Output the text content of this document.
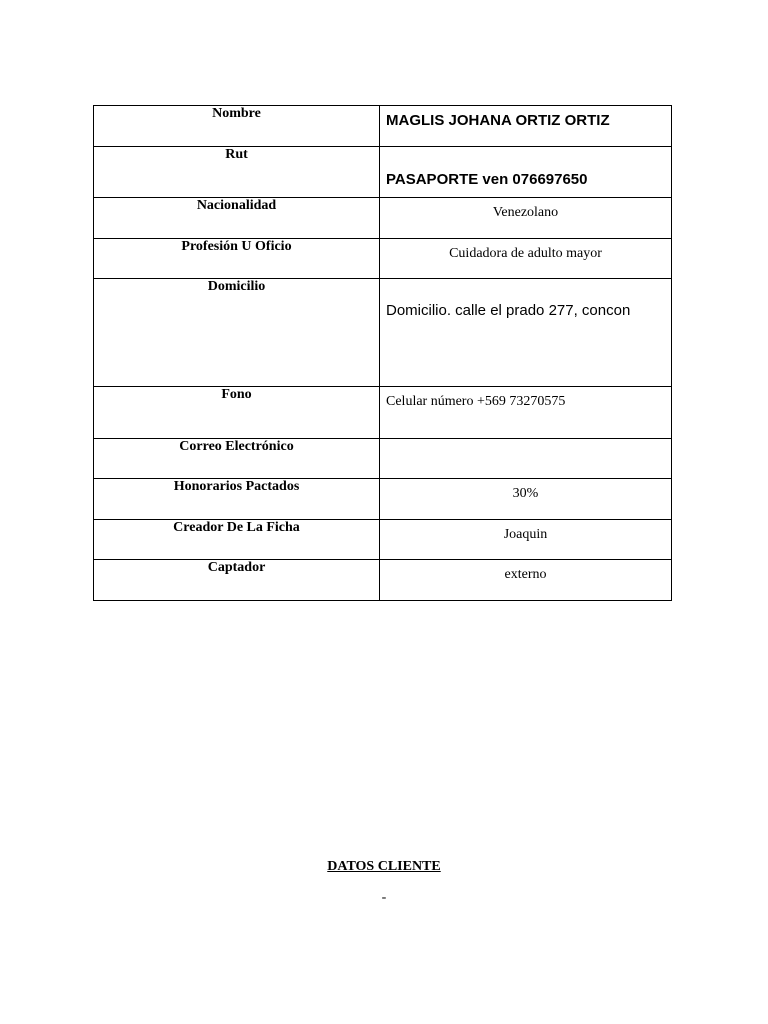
Nombre	MAGLIS JOHANA ORTIZ ORTIZ

Rut	PASAPORTE ven 076697650

Nacionalidad	Venezolano

Profesión U Oficio	Cuidadora de adulto mayor

Domicilio	Domicilio. calle el prado 277, concon

Fono	Celular número +569 73270575

Correo Electrónico	

Honorarios Pactados	30%

Creador De La Ficha	Joaquin

Captador	externo
DATOS CLIENTE
-
